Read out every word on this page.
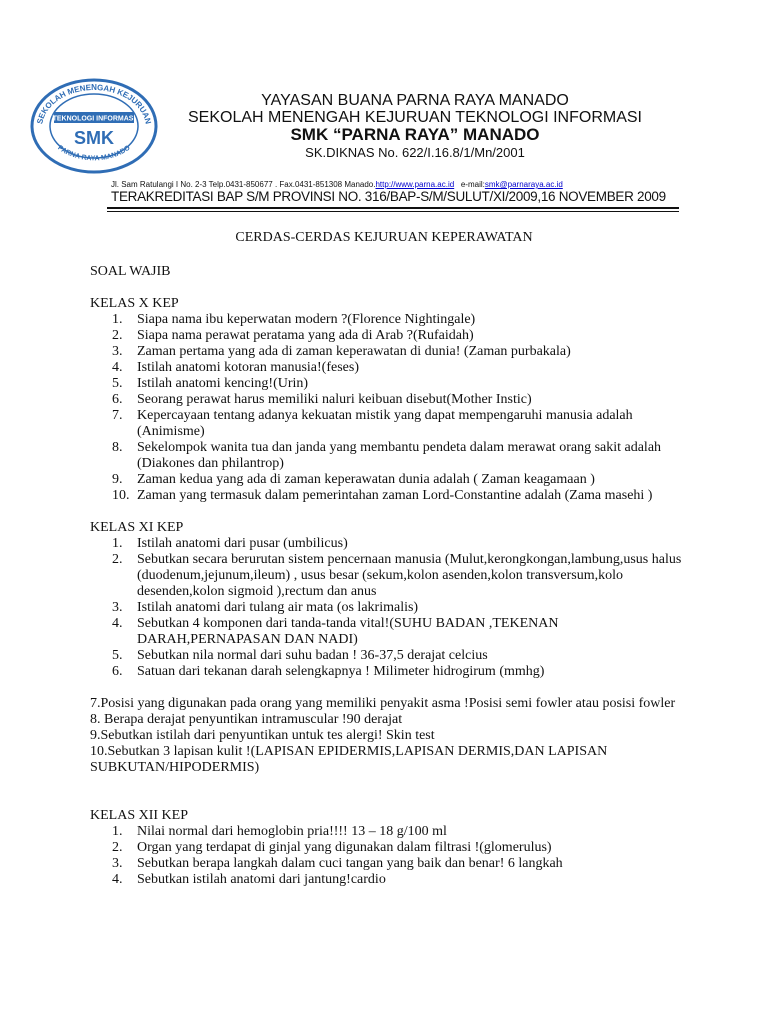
SEKOLAH MENENGAH KEJURUAN
PARNA RAYA MANADO
TEKNOLOGI INFORMASI
SMK
YAYASAN BUANA PARNA RAYA MANADO
SEKOLAH MENENGAH KEJURUAN TEKNOLOGI INFORMASI
SMK “PARNA RAYA” MANADO
SK.DIKNAS No. 622/I.16.8/1/Mn/2001
Jl. Sam Ratulangi I No. 2-3 Telp.0431-850677 . Fax.0431-851308 Manado.http://www.parna.ac.id e-mail:smk@parnaraya.ac.id
TERAKREDITASI BAP S/M PROVINSI NO. 316/BAP-S/M/SULUT/XI/2009,16 NOVEMBER 2009
CERDAS-CERDAS KEJURUAN KEPERAWATAN

SOAL WAJIB

KELAS X KEP

1. Siapa nama ibu keperwatan modern ?(Florence Nightingale)
2. Siapa nama perawat peratama yang ada di Arab ?(Rufaidah)
3. Zaman pertama yang ada di zaman keperawatan di dunia! (Zaman purbakala)
4. Istilah anatomi kotoran manusia!(feses)
5. Istilah anatomi kencing!(Urin)
6. Seorang perawat harus memiliki naluri keibuan disebut(Mother Instic)
7. Kepercayaan tentang adanya kekuatan mistik yang dapat mempengaruhi manusia adalah (Animisme)
8. Sekelompok wanita tua dan janda yang membantu pendeta dalam merawat orang sakit adalah (Diakones dan philantrop)
9. Zaman kedua yang ada di zaman keperawatan dunia adalah ( Zaman keagamaan )
10. Zaman yang termasuk dalam pemerintahan zaman Lord-Constantine adalah (Zama masehi )

KELAS XI KEP

1. Istilah anatomi dari pusar (umbilicus)
2. Sebutkan secara berurutan sistem pencernaan manusia (Mulut,kerongkongan,lambung,usus halus (duodenum,jejunum,ileum) , usus besar (sekum,kolon asenden,kolon transversum,kolo desenden,kolon sigmoid ),rectum dan anus
3. Istilah anatomi dari tulang air mata (os lakrimalis)
4. Sebutkan 4 komponen dari tanda-tanda vital!(SUHU BADAN ,TEKENAN DARAH,PERNAPASAN DAN NADI)
5. Sebutkan nila normal dari suhu badan ! 36-37,5 derajat celcius
6. Satuan dari tekanan darah selengkapnya ! Milimeter hidrogirum (mmhg)

7.Posisi yang digunakan pada orang yang memiliki penyakit asma !Posisi semi fowler atau posisi fowler

8. Berapa derajat penyuntikan intramuscular !90 derajat

9.Sebutkan istilah dari penyuntikan untuk tes alergi! Skin test

10.Sebutkan 3 lapisan kulit !(LAPISAN EPIDERMIS,LAPISAN DERMIS,DAN LAPISAN SUBKUTAN/HIPODERMIS)

KELAS XII KEP

1. Nilai normal dari hemoglobin pria!!!! 13 – 18 g/100 ml
2. Organ yang terdapat di ginjal yang digunakan dalam filtrasi !(glomerulus)
3. Sebutkan berapa langkah dalam cuci tangan yang baik dan benar! 6 langkah
4. Sebutkan istilah anatomi dari jantung!cardio
